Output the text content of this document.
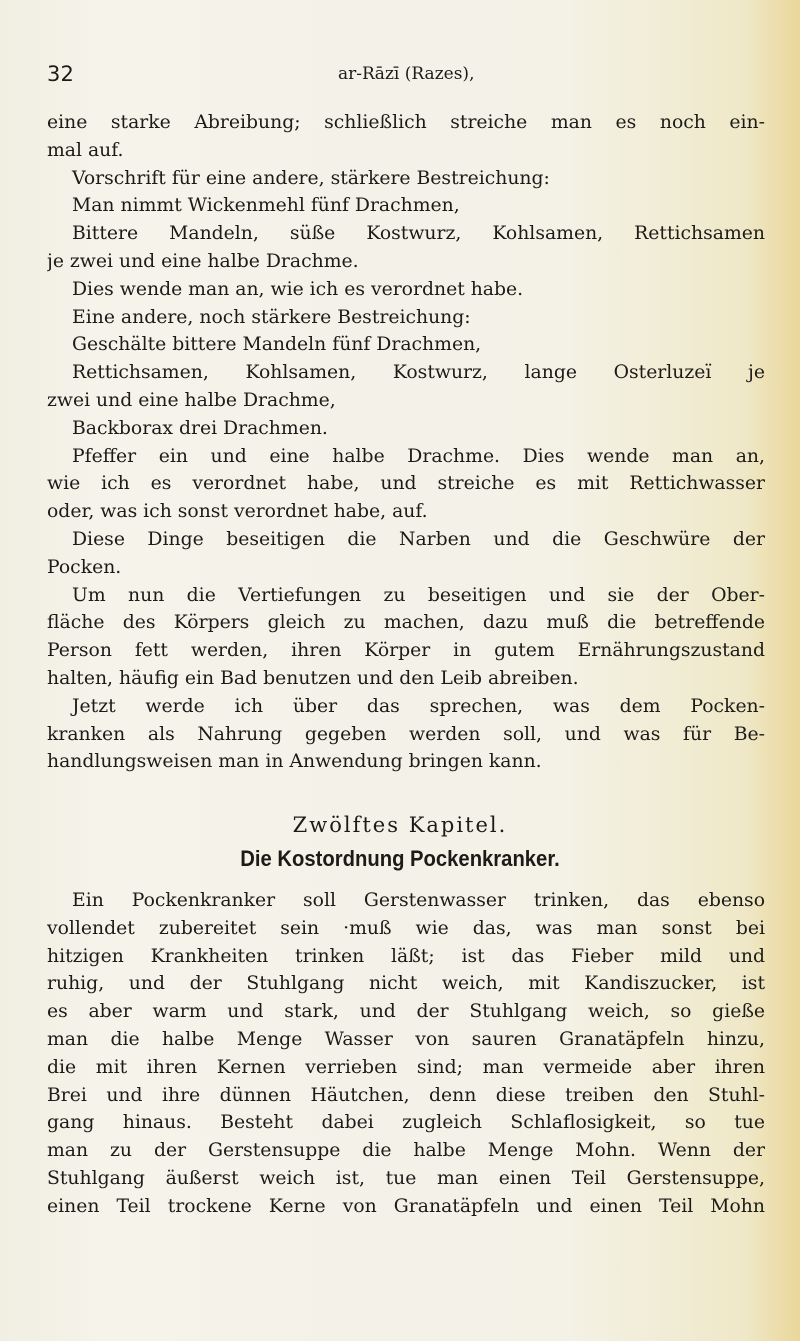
32	ar-Rāzī (Razes),
eine starke Abreibung; schließlich streiche man es noch ein-
mal auf.
Vorschrift für eine andere, stärkere Bestreichung:
Man nimmt Wickenmehl fünf Drachmen,
Bittere Mandeln, süße Kostwurz, Kohlsamen, Rettichsamen
je zwei und eine halbe Drachme.
Dies wende man an, wie ich es verordnet habe.
Eine andere, noch stärkere Bestreichung:
Geschälte bittere Mandeln fünf Drachmen,
Rettichsamen, Kohlsamen, Kostwurz, lange Osterluzeï je
zwei und eine halbe Drachme,
Backborax drei Drachmen.
Pfeffer ein und eine halbe Drachme. Dies wende man an,
wie ich es verordnet habe, und streiche es mit Rettichwasser
oder, was ich sonst verordnet habe, auf.
Diese Dinge beseitigen die Narben und die Geschwüre der
Pocken.
Um nun die Vertiefungen zu beseitigen und sie der Ober-
fläche des Körpers gleich zu machen, dazu muß die betreffende
Person fett werden, ihren Körper in gutem Ernährungszustand
halten, häufig ein Bad benutzen und den Leib abreiben.
Jetzt werde ich über das sprechen, was dem Pocken-
kranken als Nahrung gegeben werden soll, und was für Be-
handlungsweisen man in Anwendung bringen kann.
Zwölftes Kapitel.
Die Kostordnung Pockenkranker.
Ein Pockenkranker soll Gerstenwasser trinken, das ebenso
vollendet zubereitet sein ·muß wie das, was man sonst bei
hitzigen Krankheiten trinken läßt; ist das Fieber mild und
ruhig, und der Stuhlgang nicht weich, mit Kandiszucker, ist
es aber warm und stark, und der Stuhlgang weich, so gieße
man die halbe Menge Wasser von sauren Granatäpfeln hinzu,
die mit ihren Kernen verrieben sind; man vermeide aber ihren
Brei und ihre dünnen Häutchen, denn diese treiben den Stuhl-
gang hinaus. Besteht dabei zugleich Schlaflosigkeit, so tue
man zu der Gerstensuppe die halbe Menge Mohn. Wenn der
Stuhlgang äußerst weich ist, tue man einen Teil Gerstensuppe,
einen Teil trockene Kerne von Granatäpfeln und einen Teil Mohn
